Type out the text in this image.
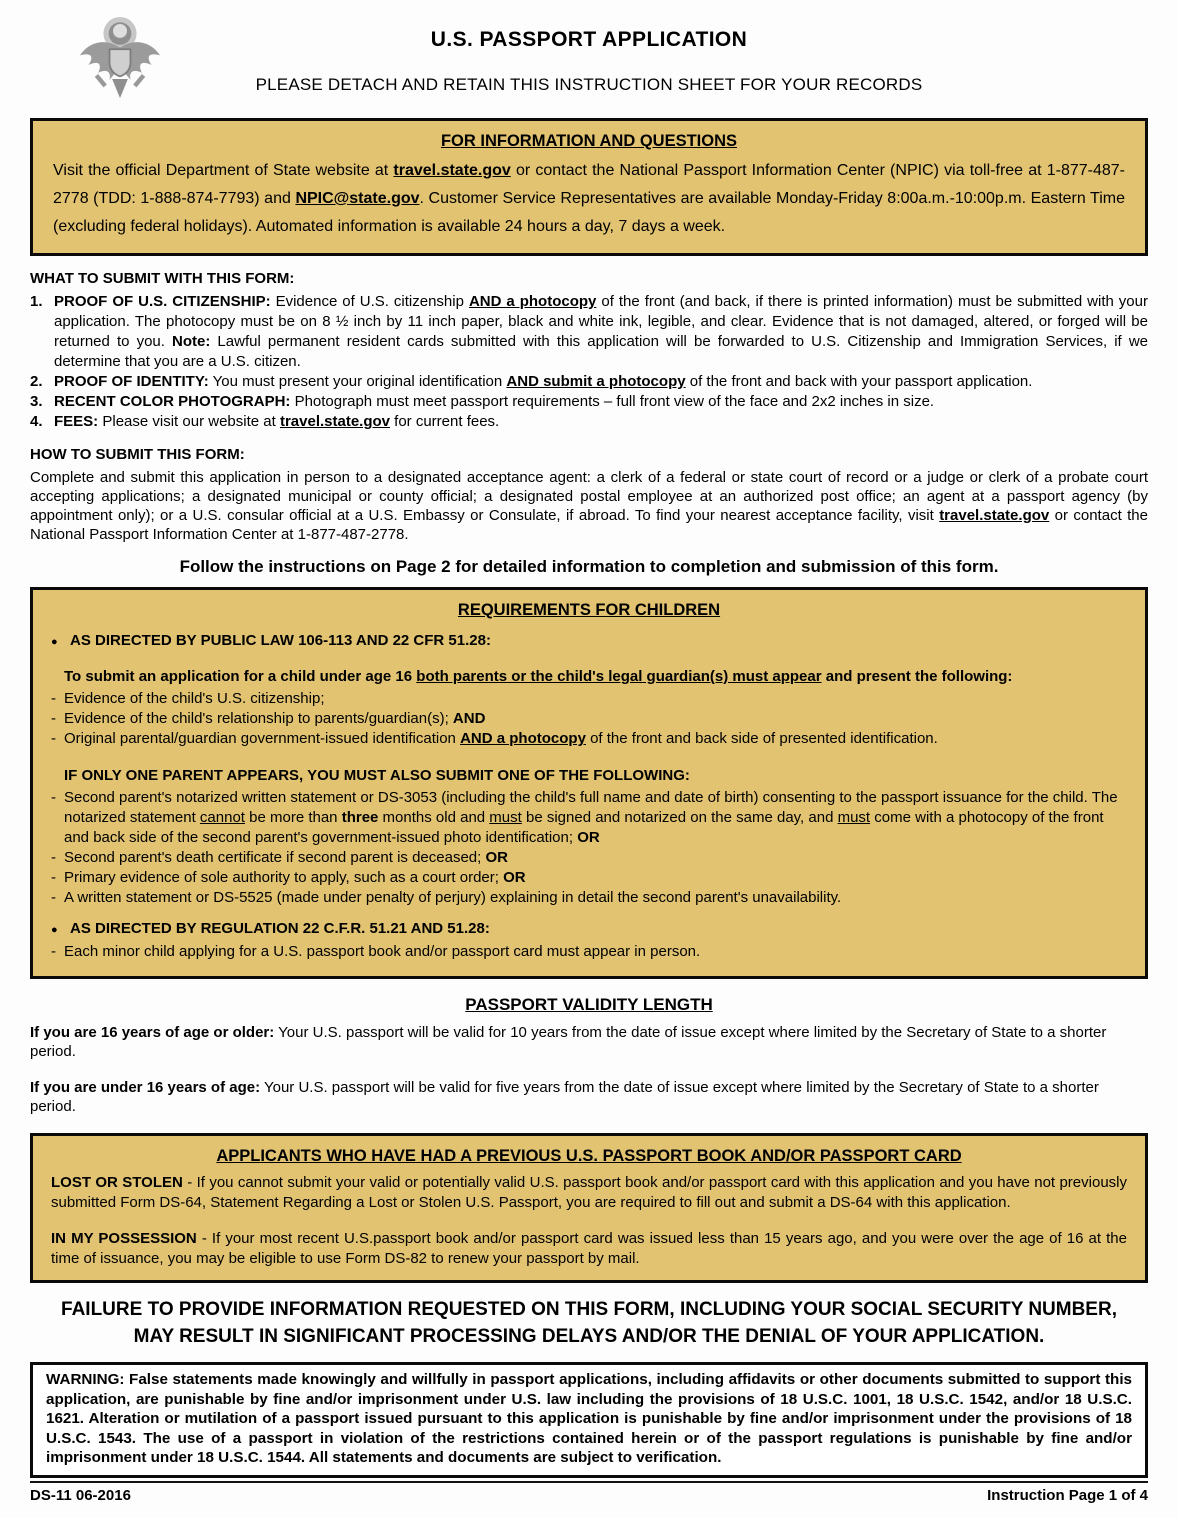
U.S. PASSPORT APPLICATION
PLEASE DETACH AND RETAIN THIS INSTRUCTION SHEET FOR YOUR RECORDS
FOR INFORMATION AND QUESTIONS

Visit the official Department of State website at travel.state.gov or contact the National Passport Information Center (NPIC) via toll-free at 1-877-487-2778 (TDD: 1-888-874-7793) and NPIC@state.gov. Customer Service Representatives are available Monday-Friday 8:00a.m.-10:00p.m. Eastern Time (excluding federal holidays). Automated information is available 24 hours a day, 7 days a week.

WHAT TO SUBMIT WITH THIS FORM:
1. PROOF OF U.S. CITIZENSHIP: Evidence of U.S. citizenship AND a photocopy of the front (and back, if there is printed information) must be submitted with your application. The photocopy must be on 8 ½ inch by 11 inch paper, black and white ink, legible, and clear. Evidence that is not damaged, altered, or forged will be returned to you. Note: Lawful permanent resident cards submitted with this application will be forwarded to U.S. Citizenship and Immigration Services, if we determine that you are a U.S. citizen.
2. PROOF OF IDENTITY: You must present your original identification AND submit a photocopy of the front and back with your passport application.
3. RECENT COLOR PHOTOGRAPH: Photograph must meet passport requirements – full front view of the face and 2x2 inches in size.
4. FEES: Please visit our website at travel.state.gov for current fees.
HOW TO SUBMIT THIS FORM:

Complete and submit this application in person to a designated acceptance agent: a clerk of a federal or state court of record or a judge or clerk of a probate court accepting applications; a designated municipal or county official; a designated postal employee at an authorized post office; an agent at a passport agency (by appointment only); or a U.S. consular official at a U.S. Embassy or Consulate, if abroad. To find your nearest acceptance facility, visit travel.state.gov or contact the National Passport Information Center at 1-877-487-2778.

Follow the instructions on Page 2 for detailed information to completion and submission of this form.
REQUIREMENTS FOR CHILDREN
●
AS DIRECTED BY PUBLIC LAW 106-113 AND 22 CFR 51.28:
To submit an application for a child under age 16 both parents or the child's legal guardian(s) must appear and present the following:
-
Evidence of the child's U.S. citizenship;
-
Evidence of the child's relationship to parents/guardian(s); AND
-
Original parental/guardian government-issued identification AND a photocopy of the front and back side of presented identification.
IF ONLY ONE PARENT APPEARS, YOU MUST ALSO SUBMIT ONE OF THE FOLLOWING:
-
Second parent's notarized written statement or DS-3053 (including the child's full name and date of birth) consenting to the passport issuance for the child. The notarized statement cannot be more than three months old and must be signed and notarized on the same day, and must come with a photocopy of the front and back side of the second parent's government-issued photo identification; OR
-
Second parent's death certificate if second parent is deceased; OR
-
Primary evidence of sole authority to apply, such as a court order; OR
-
A written statement or DS-5525 (made under penalty of perjury) explaining in detail the second parent's unavailability.
●
AS DIRECTED BY REGULATION 22 C.F.R. 51.21 AND 51.28:
-
Each minor child applying for a U.S. passport book and/or passport card must appear in person.
PASSPORT VALIDITY LENGTH

If you are 16 years of age or older: Your U.S. passport will be valid for 10 years from the date of issue except where limited by the Secretary of State to a shorter period.

If you are under 16 years of age: Your U.S. passport will be valid for five years from the date of issue except where limited by the Secretary of State to a shorter period.

APPLICANTS WHO HAVE HAD A PREVIOUS U.S. PASSPORT BOOK AND/OR PASSPORT CARD

LOST OR STOLEN - If you cannot submit your valid or potentially valid U.S. passport book and/or passport card with this application and you have not previously submitted Form DS-64, Statement Regarding a Lost or Stolen U.S. Passport, you are required to fill out and submit a DS-64 with this application.

IN MY POSSESSION - If your most recent U.S.passport book and/or passport card was issued less than 15 years ago, and you were over the age of 16 at the time of issuance, you may be eligible to use Form DS-82 to renew your passport by mail.

FAILURE TO PROVIDE INFORMATION REQUESTED ON THIS FORM, INCLUDING YOUR SOCIAL SECURITY NUMBER, MAY RESULT IN SIGNIFICANT PROCESSING DELAYS AND/OR THE DENIAL OF YOUR APPLICATION.

WARNING: False statements made knowingly and willfully in passport applications, including affidavits or other documents submitted to support this application, are punishable by fine and/or imprisonment under U.S. law including the provisions of 18 U.S.C. 1001, 18 U.S.C. 1542, and/or 18 U.S.C. 1621. Alteration or mutilation of a passport issued pursuant to this application is punishable by fine and/or imprisonment under the provisions of 18 U.S.C. 1543. The use of a passport in violation of the restrictions contained herein or of the passport regulations is punishable by fine and/or imprisonment under 18 U.S.C. 1544. All statements and documents are subject to verification.

DS-11 06-2016	Instruction Page 1 of 4
